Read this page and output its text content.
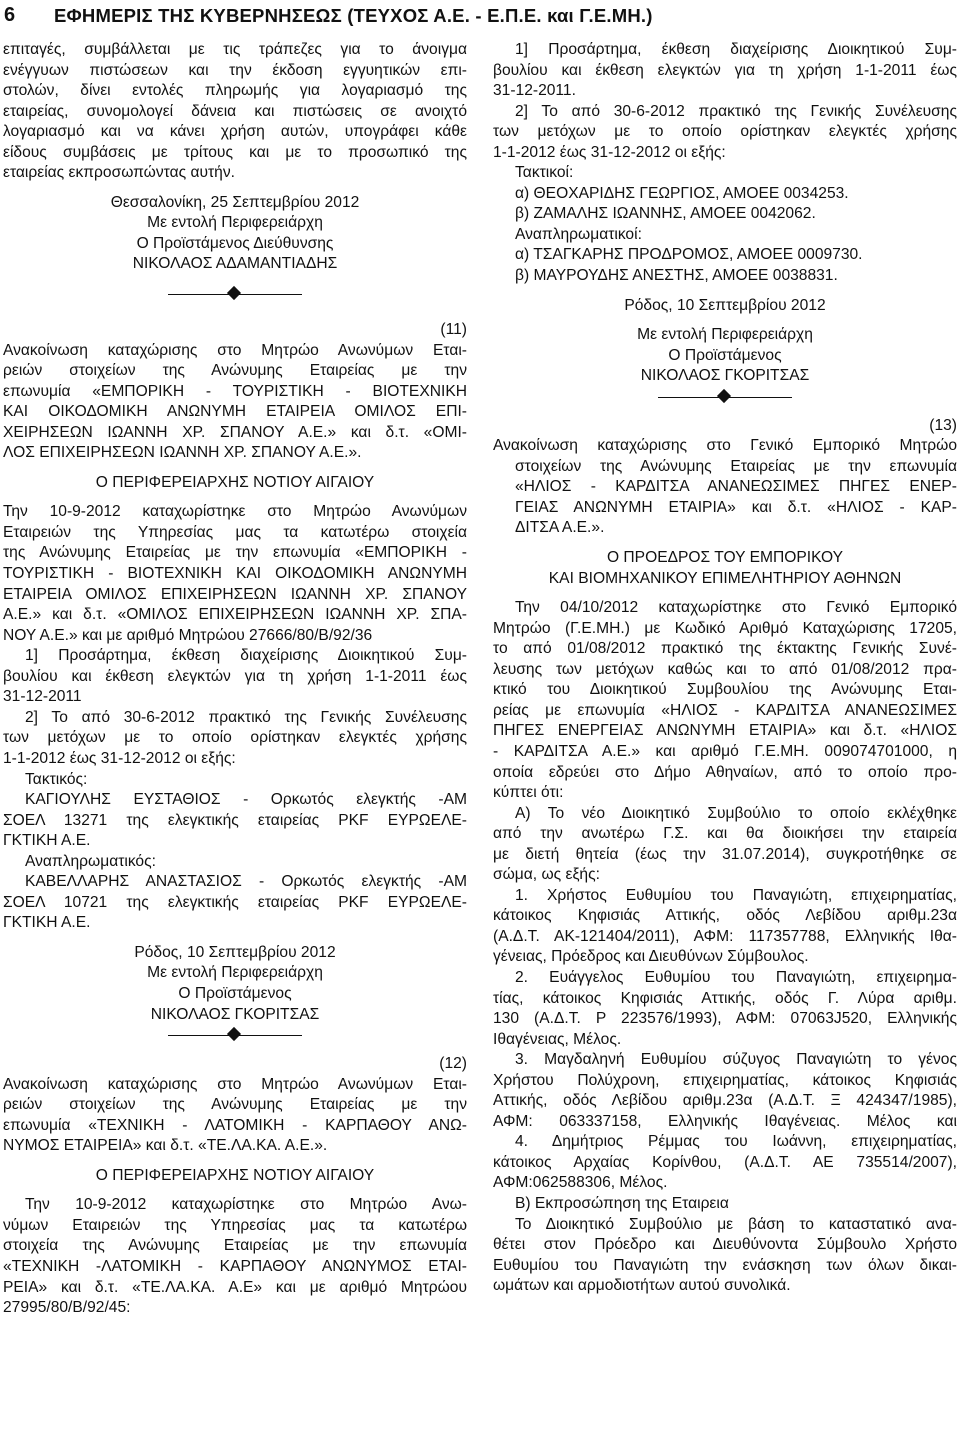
6 ΕΦΗΜΕΡΙΣ ΤΗΣ ΚΥΒΕΡΝΗΣΕΩΣ (ΤΕΥΧΟΣ Α.Ε. - Ε.Π.Ε. και Γ.Ε.ΜΗ.)

επιταγές, συμβάλλεται με τις τράπεζες για το άνοιγμα

ενέγγυων πιστώσεων και την έκδοση εγγυητικών επι-

στολών, δίνει εντολές πληρωμής για λογαριασμό της

εταιρείας, συνομολογεί δάνεια και πιστώσεις σε ανοιχτό

λογαριασμό και να κάνει χρήση αυτών, υπογράφει κάθε

είδους συμβάσεις με τρίτους και με το προσωπικό της

εταιρείας εκπροσωπώντας αυτήν.

Θεσσαλονίκη, 25 Σεπτεμβρίου 2012

Με εντολή Περιφερειάρχη

Ο Προϊστάμενος Διεύθυνσης

ΝΙΚΟΛΑΟΣ ΑΔΑΜΑΝΤΙΑΔΗΣ

(11)

Ανακοίνωση καταχώρισης στο Μητρώο Ανωνύμων Εται-

ρειών στοιχείων της Ανώνυμης Εταιρείας με την

επωνυμία «ΕΜΠΟΡΙΚΗ - ΤΟΥΡΙΣΤΙΚΗ - ΒΙΟΤΕΧΝΙΚΗ

ΚΑΙ ΟΙΚΟΔΟΜΙΚΗ ΑΝΩΝΥΜΗ ΕΤΑΙΡΕΙΑ ΟΜΙΛΟΣ ΕΠΙ-

ΧΕΙΡΗΣΕΩΝ ΙΩΑΝΝΗ ΧΡ. ΣΠΑΝΟΥ Α.Ε.» και δ.τ. «ΟΜΙ-

ΛΟΣ ΕΠΙΧΕΙΡΗΣΕΩΝ ΙΩΑΝΝΗ ΧΡ. ΣΠΑΝΟΥ Α.Ε.».

Ο ΠΕΡΙΦΕΡΕΙΑΡΧΗΣ ΝΟΤΙΟΥ ΑΙΓΑΙΟΥ

Την 10-9-2012 καταχωρίστηκε στο Μητρώο Ανωνύμων

Εταιρειών της Υπηρεσίας μας τα κατωτέρω στοιχεία

της Ανώνυμης Εταιρείας με την επωνυμία «ΕΜΠΟΡΙΚΗ -

ΤΟΥΡΙΣΤΙΚΗ - ΒΙΟΤΕΧΝΙΚΗ ΚΑΙ ΟΙΚΟΔΟΜΙΚΗ ΑΝΩΝΥΜΗ

ΕΤΑΙΡΕΙΑ ΟΜΙΛΟΣ ΕΠΙΧΕΙΡΗΣΕΩΝ ΙΩΑΝΝΗ ΧΡ. ΣΠΑΝΟΥ

Α.Ε.» και δ.τ. «ΟΜΙΛΟΣ ΕΠΙΧΕΙΡΗΣΕΩΝ ΙΩΑΝΝΗ ΧΡ. ΣΠΑ-

ΝΟΥ Α.Ε.» και με αριθμό Μητρώου 27666/80/Β/92/36

1] Προσάρτημα, έκθεση διαχείρισης Διοικητικού Συμ-

βουλίου και έκθεση ελεγκτών για τη χρήση 1-1-2011 έως

31-12-2011

2] Το από 30-6-2012 πρακτικό της Γενικής Συνέλευσης

των μετόχων με το οποίο ορίστηκαν ελεγκτές χρήσης

1-1-2012 έως 31-12-2012 οι εξής:

Τακτικός:

ΚΑΓΙΟΥΛΗΣ ΕΥΣΤΑΘΙΟΣ - Ορκωτός ελεγκτής -ΑΜ

ΣΟΕΛ 13271 της ελεγκτικής εταιρείας PKF ΕΥΡΩΕΛΕ-

ΓΚΤΙΚΗ Α.Ε.

Αναπληρωματικός:

ΚΑΒΕΛΛΑΡΗΣ ΑΝΑΣΤΑΣΙΟΣ - Ορκωτός ελεγκτής -ΑΜ

ΣΟΕΛ 10721 της ελεγκτικής εταιρείας PKF ΕΥΡΩΕΛΕ-

ΓΚΤΙΚΗ Α.Ε.

Ρόδος, 10 Σεπτεμβρίου 2012

Με εντολή Περιφερειάρχη

Ο Προϊστάμενος

ΝΙΚΟΛΑΟΣ ΓΚΟΡΙΤΣΑΣ

(12)

Ανακοίνωση καταχώρισης στο Μητρώο Ανωνύμων Εται-

ρειών στοιχείων της Ανώνυμης Εταιρείας με την

επωνυμία «ΤΕΧΝΙΚΗ - ΛΑΤΟΜΙΚΗ - ΚΑΡΠΑΘΟΥ ΑΝΩ-

ΝΥΜΟΣ ΕΤΑΙΡΕΙΑ» και δ.τ. «ΤΕ.ΛΑ.ΚΑ. Α.Ε.».

Ο ΠΕΡΙΦΕΡΕΙΑΡΧΗΣ ΝΟΤΙΟΥ ΑΙΓΑΙΟΥ

Την 10-9-2012 καταχωρίστηκε στο Μητρώο Ανω-

νύμων Εταιρειών της Υπηρεσίας μας τα κατωτέρω

στοιχεία της Ανώνυμης Εταιρείας με την επωνυμία

«ΤΕΧΝΙΚΗ -ΛΑΤΟΜΙΚΗ - ΚΑΡΠΑΘΟΥ ΑΝΩΝΥΜΟΣ ΕΤΑΙ-

ΡΕΙΑ» και δ.τ. «ΤΕ.ΛΑ.ΚΑ. Α.Ε» και με αριθμό Μητρώου

27995/80/Β/92/45:

1] Προσάρτημα, έκθεση διαχείρισης Διοικητικού Συμ-

βουλίου και έκθεση ελεγκτών για τη χρήση 1-1-2011 έως

31-12-2011.

2] Το από 30-6-2012 πρακτικό της Γενικής Συνέλευσης

των μετόχων με το οποίο ορίστηκαν ελεγκτές χρήσης

1-1-2012 έως 31-12-2012 οι εξής:

Τακτικοί:

α) ΘΕΟΧΑΡΙΔΗΣ ΓΕΩΡΓΙΟΣ, ΑΜΟΕΕ 0034253.

β) ΖΑΜΑΛΗΣ ΙΩΑΝΝΗΣ, ΑΜΟΕΕ 0042062.

Αναπληρωματικοί:

α) ΤΣΑΓΚΑΡΗΣ ΠΡΟΔΡΟΜΟΣ, ΑΜΟΕΕ 0009730.

β) ΜΑΥΡΟΥΔΗΣ ΑΝΕΣΤΗΣ, ΑΜΟΕΕ 0038831.

Ρόδος, 10 Σεπτεμβρίου 2012

Με εντολή Περιφερειάρχη

Ο Προϊστάμενος

ΝΙΚΟΛΑΟΣ ΓΚΟΡΙΤΣΑΣ

(13)

Ανακοίνωση καταχώρισης στο Γενικό Εμπορικό Μητρώο

στοιχείων της Ανώνυμης Εταιρείας με την επωνυμία

«ΗΛΙΟΣ - ΚΑΡΔΙΤΣΑ ΑΝΑΝΕΩΣΙΜΕΣ ΠΗΓΕΣ ΕΝΕΡ-

ΓΕΙΑΣ ΑΝΩΝΥΜΗ ΕΤΑΙΡΙΑ» και δ.τ. «ΗΛΙΟΣ - ΚΑΡ-

ΔΙΤΣΑ Α.Ε.».

Ο ΠΡΟΕΔΡΟΣ ΤΟΥ ΕΜΠΟΡΙΚΟΥ

ΚΑΙ ΒΙΟΜΗΧΑΝΙΚΟΥ ΕΠΙΜΕΛΗΤΗΡΙΟΥ ΑΘΗΝΩΝ

Την 04/10/2012 καταχωρίστηκε στο Γενικό Εμπορικό

Μητρώο (Γ.Ε.ΜΗ.) με Κωδικό Αριθμό Καταχώρισης 17205,

το από 01/08/2012 πρακτικό της έκτακτης Γενικής Συνέ-

λευσης των μετόχων καθώς και το από 01/08/2012 πρα-

κτικό του Διοικητικού Συμβουλίου της Ανώνυμης Εται-

ρείας με επωνυμία «ΗΛΙΟΣ - ΚΑΡΔΙΤΣΑ ΑΝΑΝΕΩΣΙΜΕΣ

ΠΗΓΕΣ ΕΝΕΡΓΕΙΑΣ ΑΝΩΝΥΜΗ ΕΤΑΙΡΙΑ» και δ.τ. «ΗΛΙΟΣ

- ΚΑΡΔΙΤΣΑ Α.Ε.» και αριθμό Γ.Ε.ΜΗ. 009074701000, η

οποία εδρεύει στο Δήμο Αθηναίων, από το οποίο προ-

κύπτει ότι:

Α) Το νέο Διοικητικό Συμβούλιο το οποίο εκλέχθηκε

από την ανωτέρω Γ.Σ. και θα διοικήσει την εταιρεία

με διετή θητεία (έως την 31.07.2014), συγκροτήθηκε σε

σώμα, ως εξής:

1. Χρήστος Ευθυμίου του Παναγιώτη, επιχειρηματίας,

κάτοικος Κηφισιάς Αττικής, οδός Λεβίδου αριθμ.23α

(Α.Δ.Τ. ΑΚ-121404/2011), ΑΦΜ: 117357788, Ελληνικής Ιθα-

γένειας, Πρόεδρος και Διευθύνων Σύμβουλος.

2. Ευάγγελος Ευθυμίου του Παναγιώτη, επιχειρημα-

τίας, κάτοικος Κηφισιάς Αττικής, οδός Γ. Λύρα αριθμ.

130 (Α.Δ.Τ. Ρ 223576/1993), ΑΦΜ: 07063J520, Ελληνικής

Ιθαγένειας, Μέλος.

3. Μαγδαληνή Ευθυμίου σύζυγος Παναγιώτη το γένος

Χρήστου Πολύχρονη, επιχειρηματίας, κάτοικος Κηφισιάς

Αττικής, οδός Λεβίδου αριθμ.23α (Α.Δ.Τ. Ξ 424347/1985),

ΑΦΜ: 063337158, Ελληνικής Ιθαγένειας. Μέλος και

4. Δημήτριος Ρέμμας του Ιωάννη, επιχειρηματίας,

κάτοικος Αρχαίας Κορίνθου, (Α.Δ.Τ. ΑΕ 735514/2007),

ΑΦΜ:062588306, Μέλος.

Β) Εκπροσώπηση της Εταιρεια

Το Διοικητικό Συμβούλιο με βάση το καταστατικό ανα-

θέτει στον Πρόεδρο και Διευθύνοντα Σύμβουλο Χρήστο

Ευθυμίου του Παναγιώτη την ενάσκηση των όλων δικαι-

ωμάτων και αρμοδιοτήτων αυτού συνολικά.
